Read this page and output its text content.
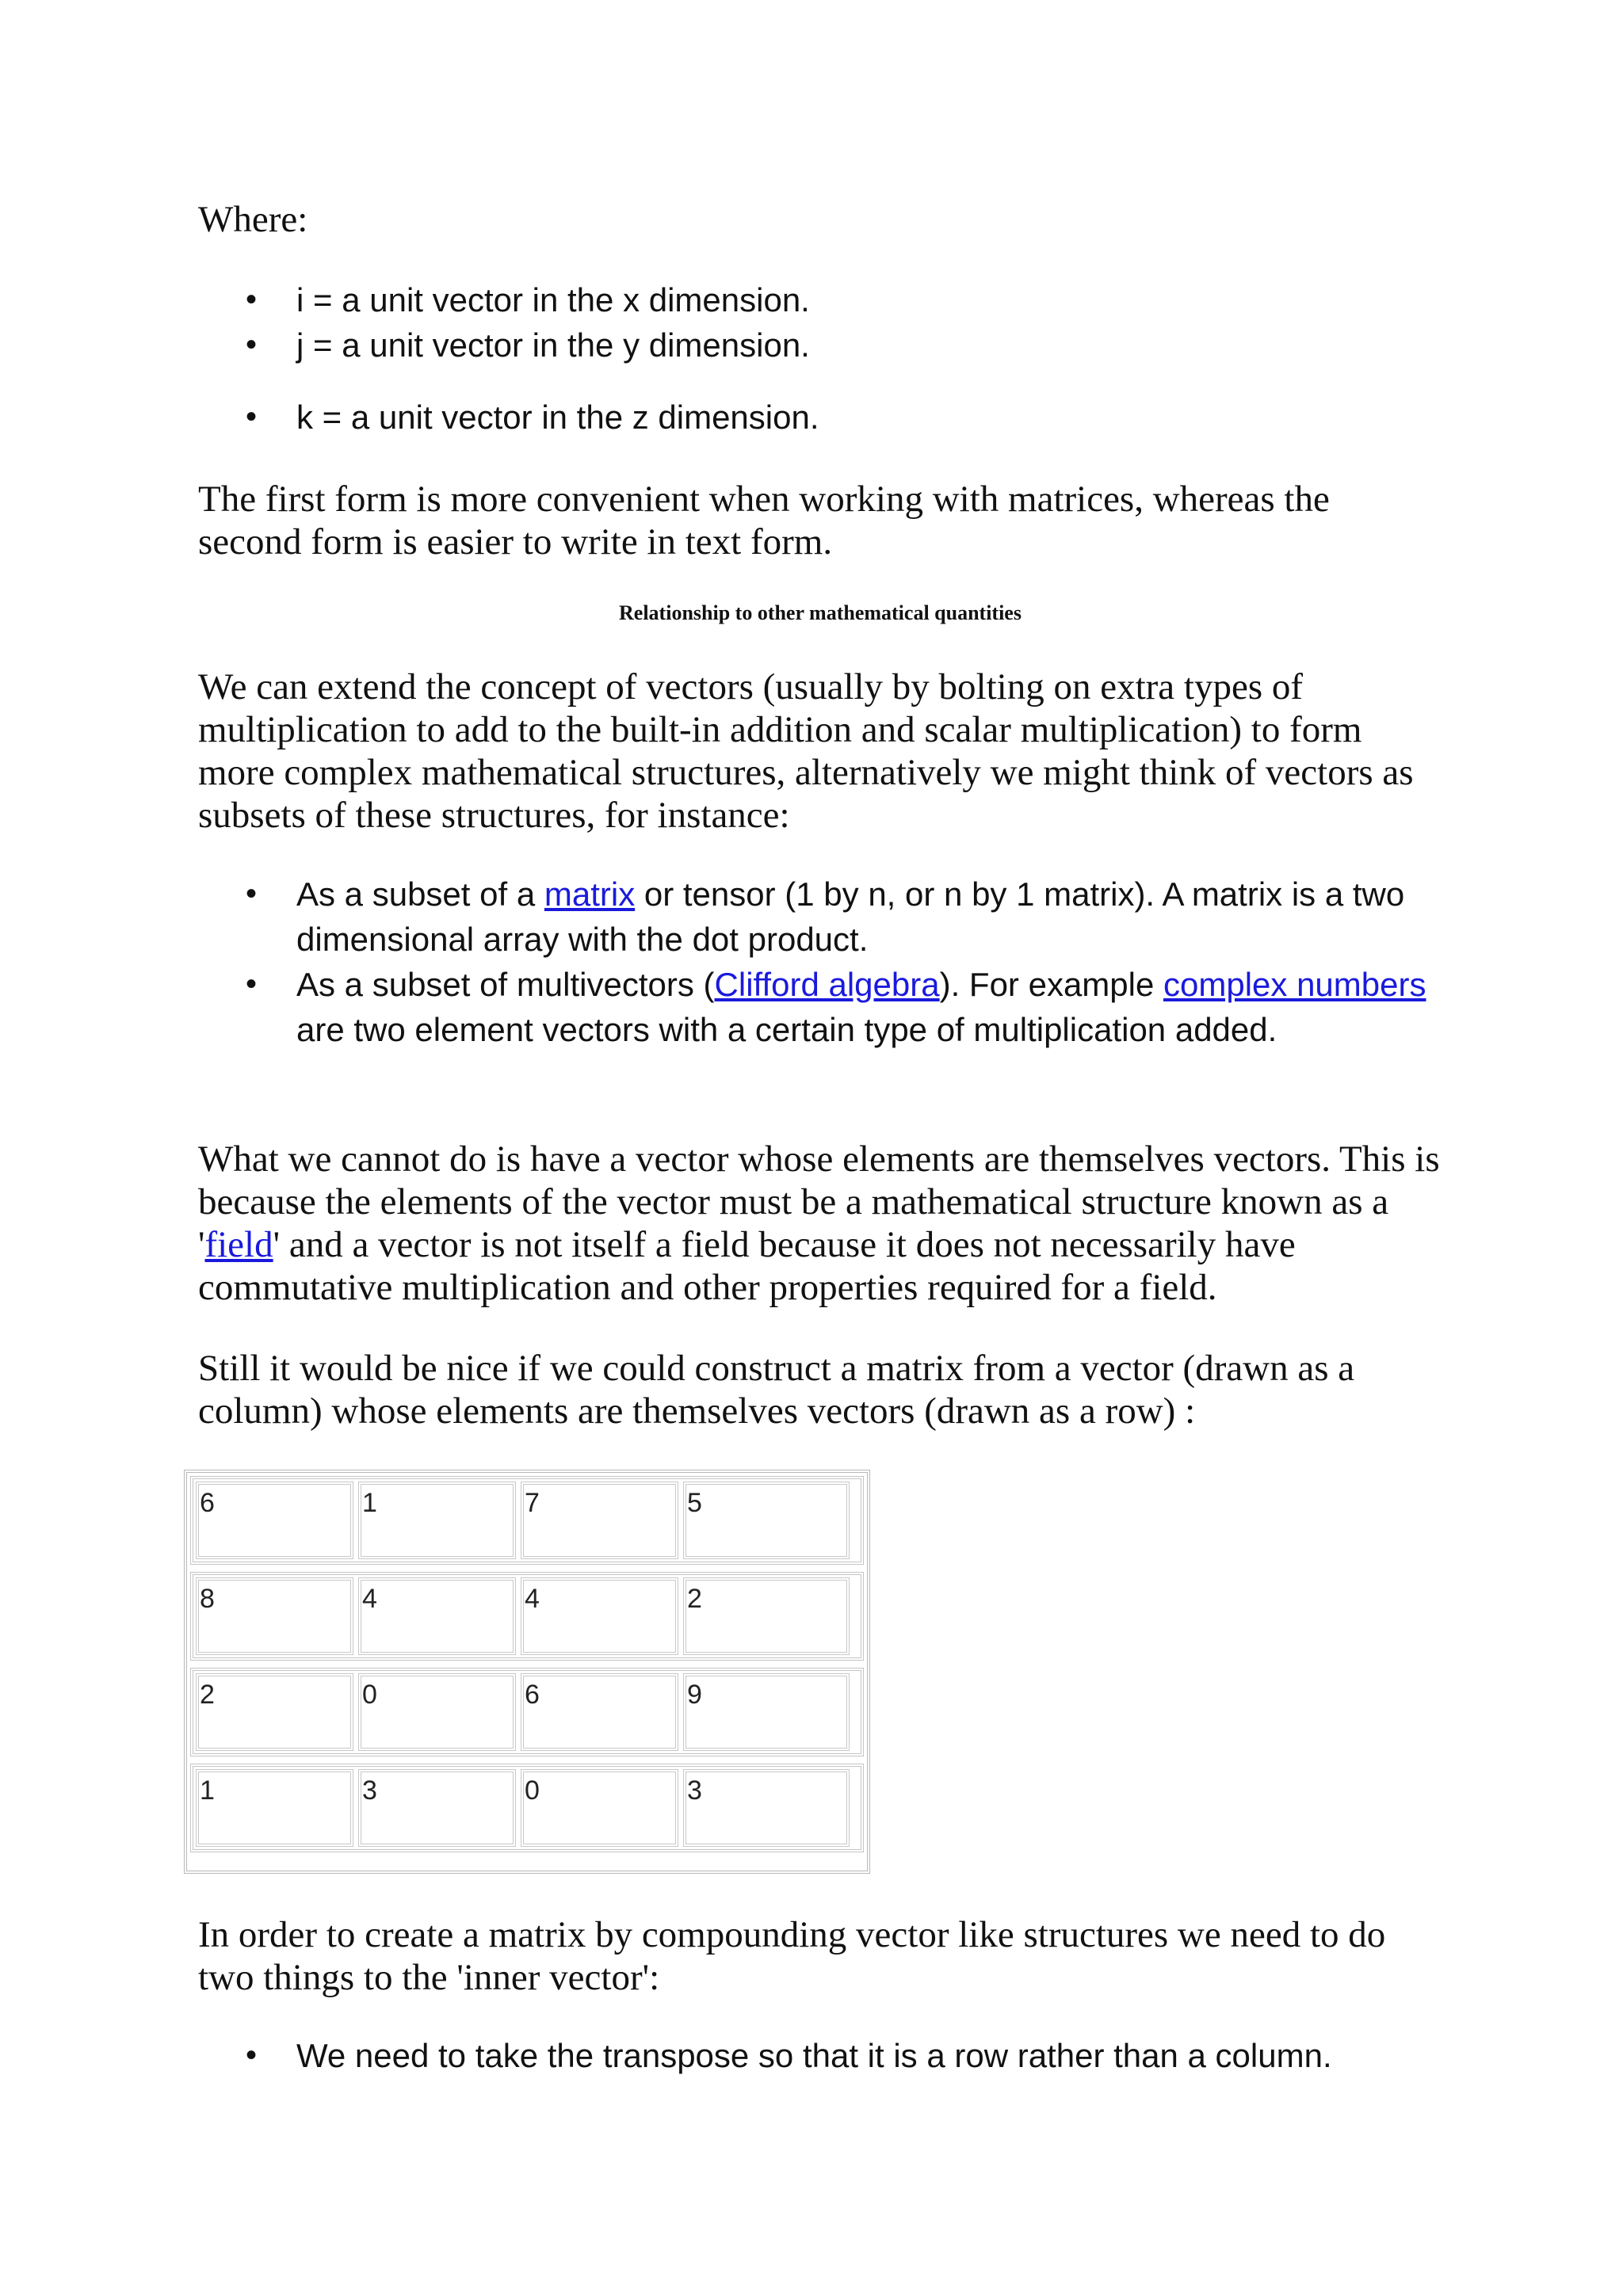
Where:

• i = a unit vector in the x dimension.
• j = a unit vector in the y dimension.
• k = a unit vector in the z dimension.

The first form is more convenient when working with matrices, whereas the second form is easier to write in text form.

Relationship to other mathematical quantities

We can extend the concept of vectors (usually by bolting on extra types of multiplication to add to the built-in addition and scalar multiplication) to form more complex mathematical structures, alternatively we might think of vectors as subsets of these structures, for instance:

• As a subset of a matrix or tensor (1 by n, or n by 1 matrix). A matrix is a two dimensional array with the dot product.
• As a subset of multivectors (Clifford algebra). For example complex numbers are two element vectors with a certain type of multiplication added.

What we cannot do is have a vector whose elements are themselves vectors. This is because the elements of the vector must be a mathematical structure known as a 'field' and a vector is not itself a field because it does not necessarily have commutative multiplication and other properties required for a field.

Still it would be nice if we could construct a matrix from a vector (drawn as a column) whose elements are themselves vectors (drawn as a row) :

6	1	7	5
8	4	4	2
2	0	6	9
1	3	0	3

In order to create a matrix by compounding vector like structures we need to do two things to the 'inner vector':

• We need to take the transpose so that it is a row rather than a column.
